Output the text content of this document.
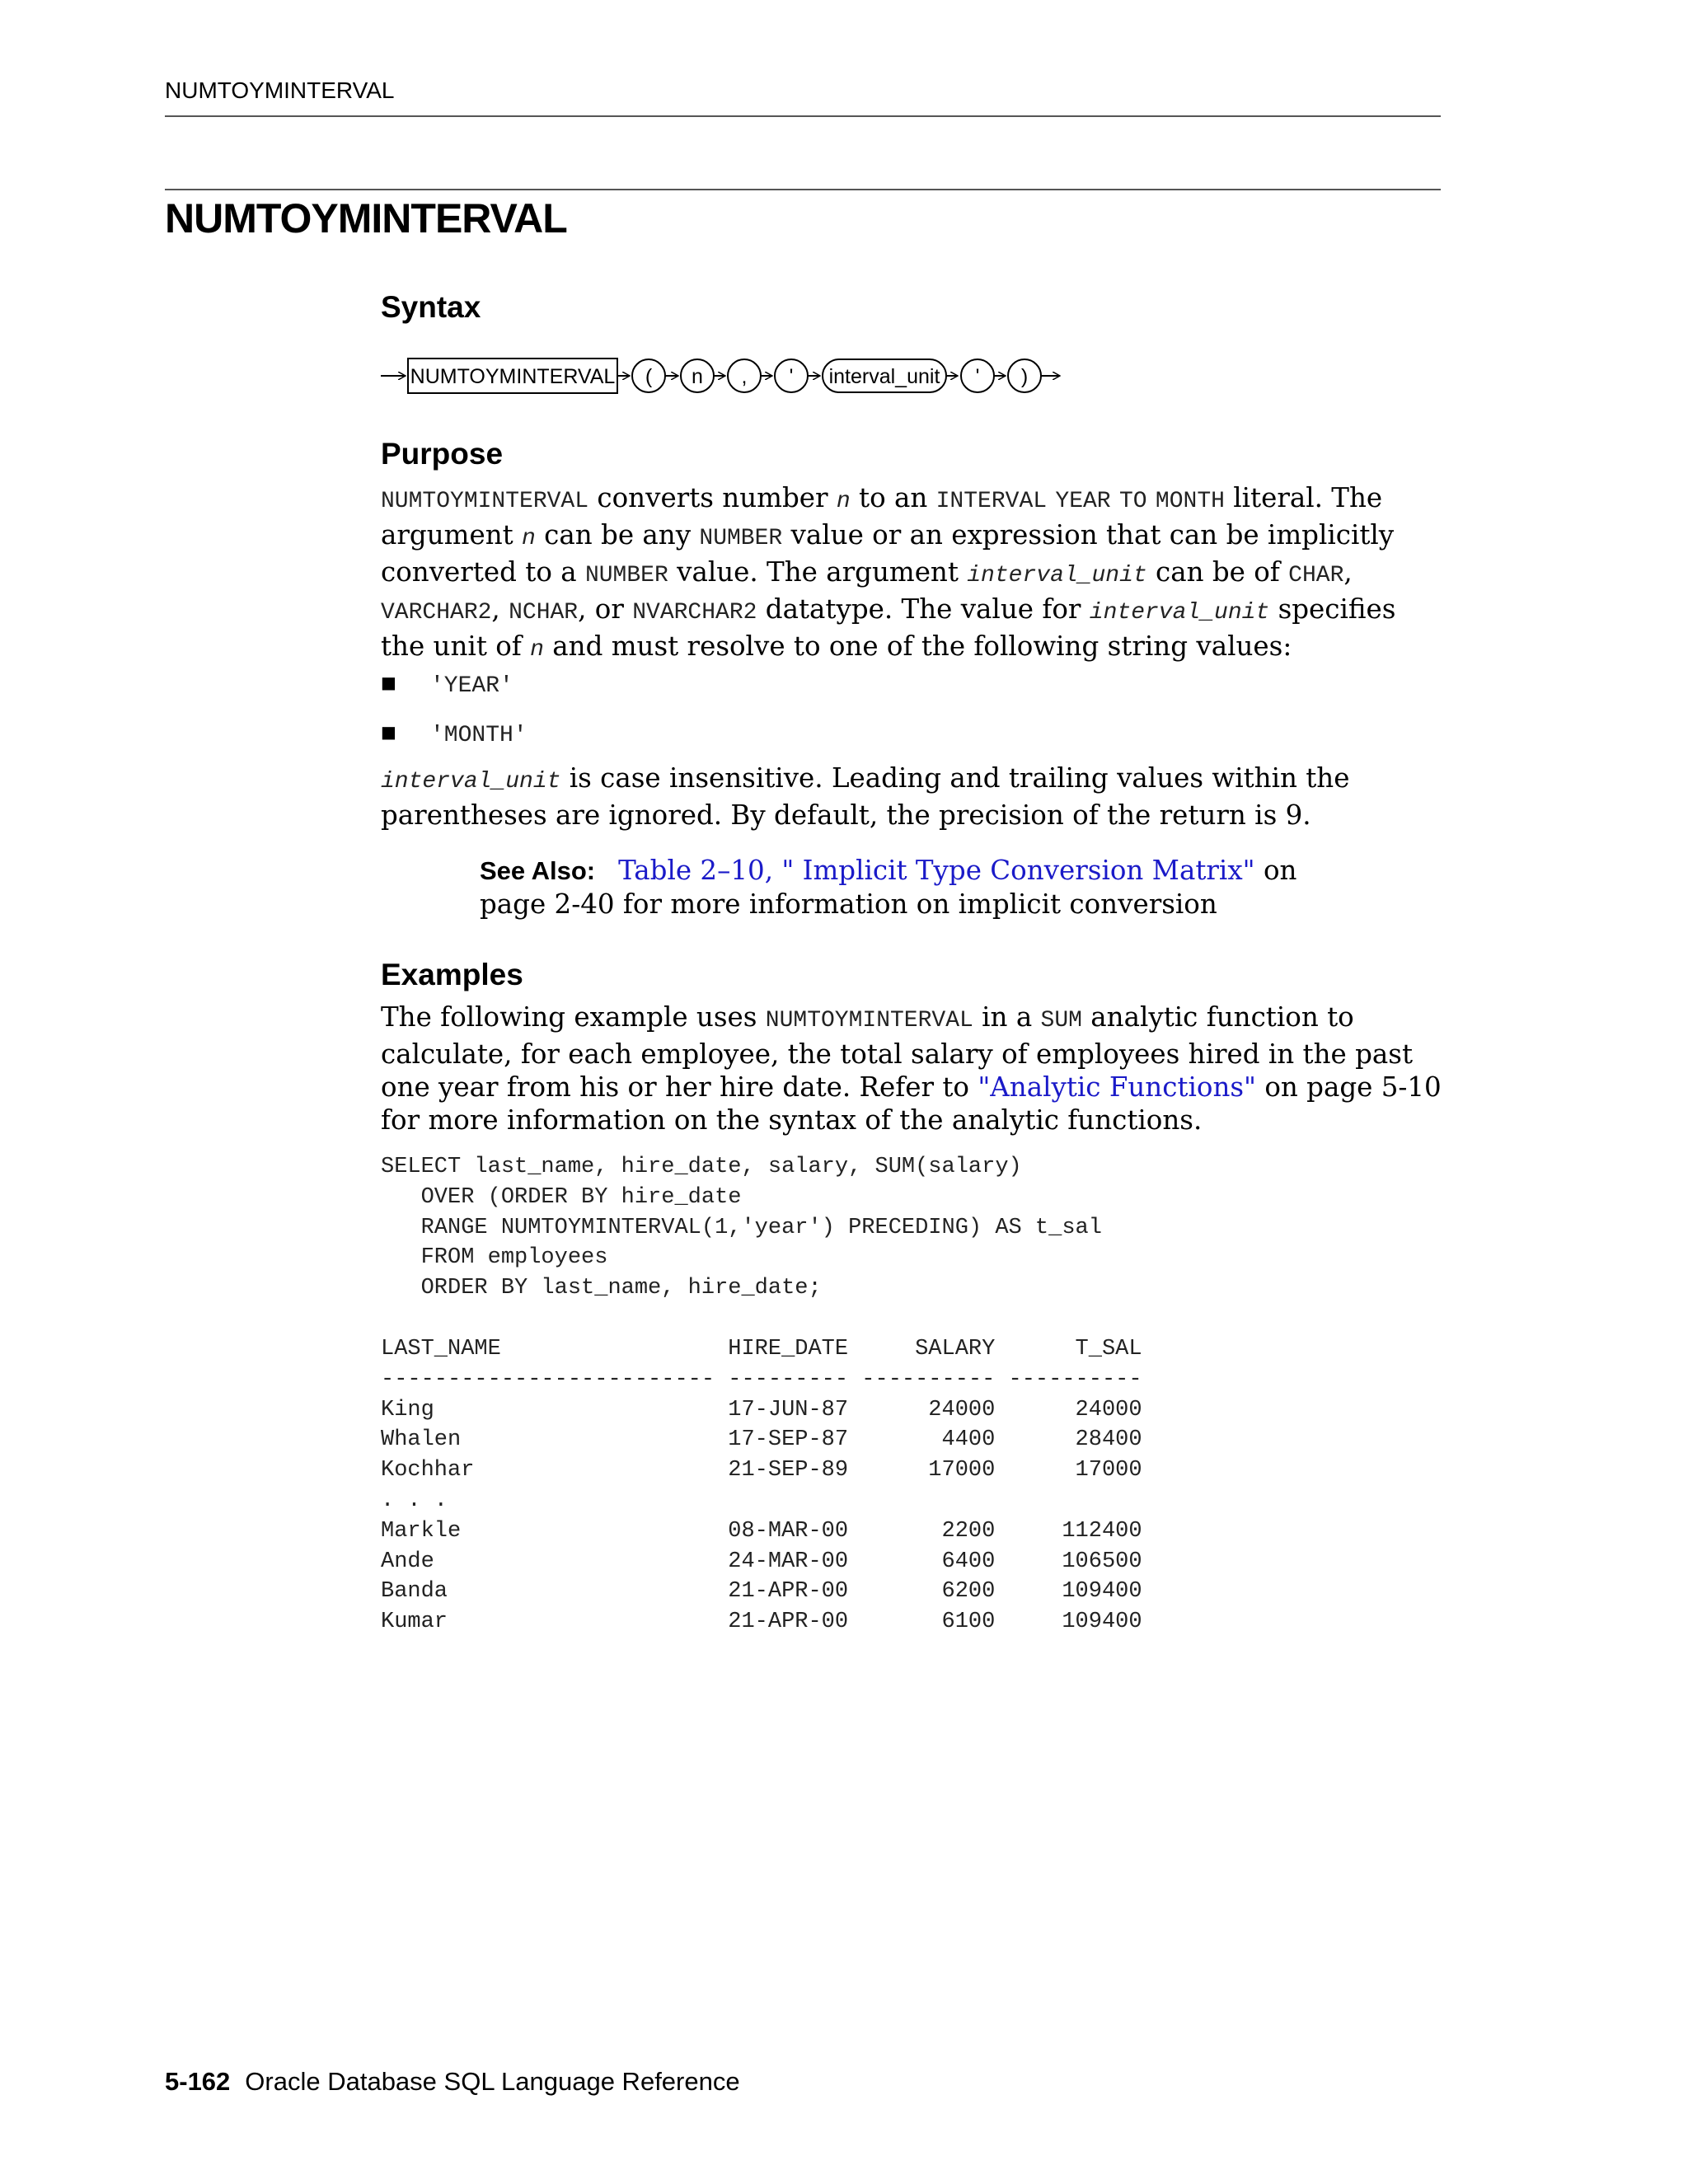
NUMTOYMINTERVAL
NUMTOYMINTERVAL
Syntax
NUMTOYMINTERVAL ( n , ' interval_unit ' )
Purpose

NUMTOYMINTERVAL converts number n to an INTERVAL YEAR TO MONTH literal. The argument n can be any NUMBER value or an expression that can be implicitly converted to a NUMBER value. The argument interval_unit can be of CHAR, VARCHAR2, NCHAR, or NVARCHAR2 datatype. The value for interval_unit specifies the unit of n and must resolve to one of the following string values:

■ 'YEAR'
■ 'MONTH'

interval_unit is case insensitive. Leading and trailing values within the parentheses are ignored. By default, the precision of the return is 9.

See Also: Table 2–10, " Implicit Type Conversion Matrix" on page 2-40 for more information on implicit conversion
Examples

The following example uses NUMTOYMINTERVAL in a SUM analytic function to calculate, for each employee, the total salary of employees hired in the past one year from his or her hire date. Refer to "Analytic Functions" on page 5-10 for more information on the syntax of the analytic functions.

SELECT last_name, hire_date, salary, SUM(salary)
OVER (ORDER BY hire_date
RANGE NUMTOYMINTERVAL(1,'year') PRECEDING) AS t_sal
FROM employees
ORDER BY last_name, hire_date;
LAST_NAME                 HIRE_DATE     SALARY      T_SAL
------------------------- --------- ---------- ----------
King                      17-JUN-87      24000      24000
Whalen                    17-SEP-87       4400      28400
Kochhar                   21-SEP-89      17000      17000
. . .
Markle                    08-MAR-00       2200     112400
Ande                      24-MAR-00       6400     106500
Banda                     21-APR-00       6200     109400
Kumar                     21-APR-00       6100     109400
5-162 Oracle Database SQL Language Reference
